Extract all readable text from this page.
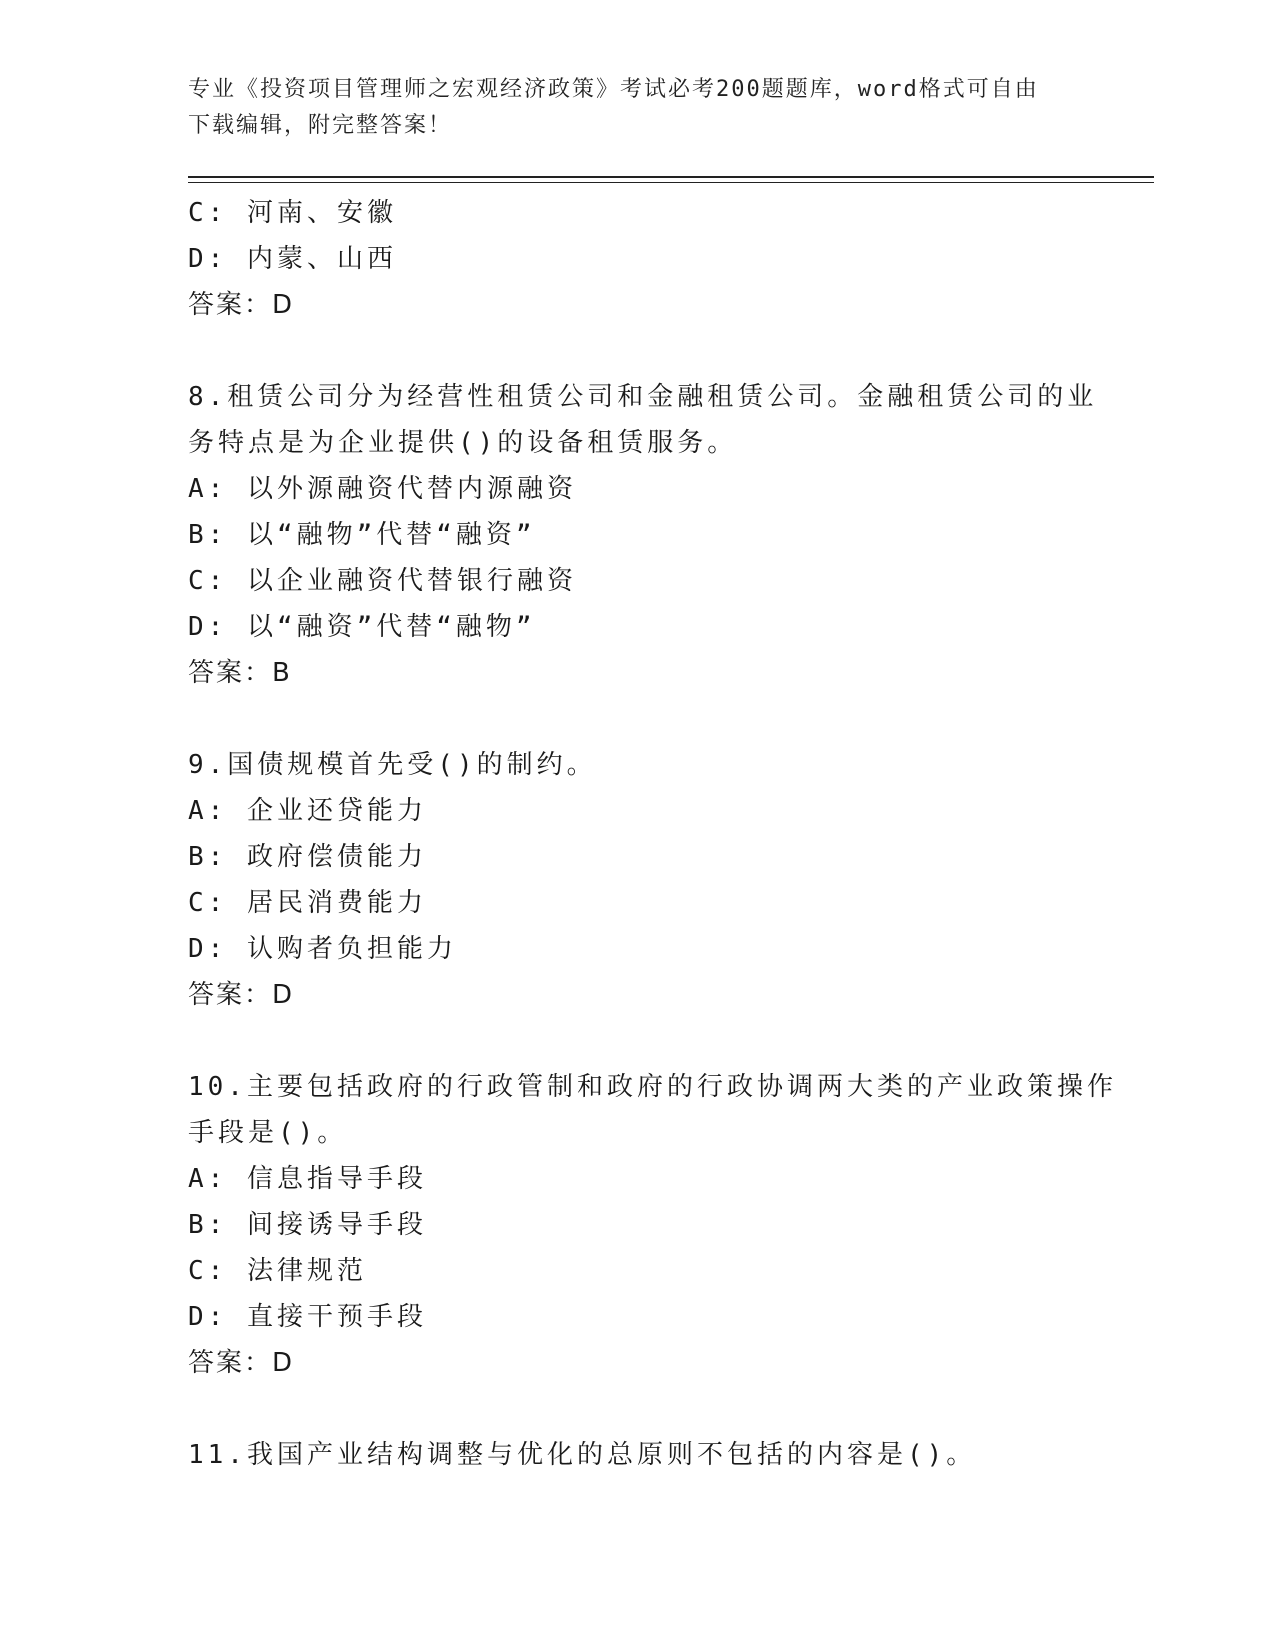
专业《投资项目管理师之宏观经济政策》考试必考200题题库，word格式可自由
下载编辑，附完整答案！
C: 河南、安徽
D: 内蒙、山西
答案：D
8.租赁公司分为经营性租赁公司和金融租赁公司。金融租赁公司的业
务特点是为企业提供()的设备租赁服务。
A: 以外源融资代替内源融资
B: 以“融物”代替“融资”
C: 以企业融资代替银行融资
D: 以“融资”代替“融物”
答案：B
9.国债规模首先受()的制约。
A: 企业还贷能力
B: 政府偿债能力
C: 居民消费能力
D: 认购者负担能力
答案：D
10.主要包括政府的行政管制和政府的行政协调两大类的产业政策操作
手段是()。
A: 信息指导手段
B: 间接诱导手段
C: 法律规范
D: 直接干预手段
答案：D
11.我国产业结构调整与优化的总原则不包括的内容是()。
